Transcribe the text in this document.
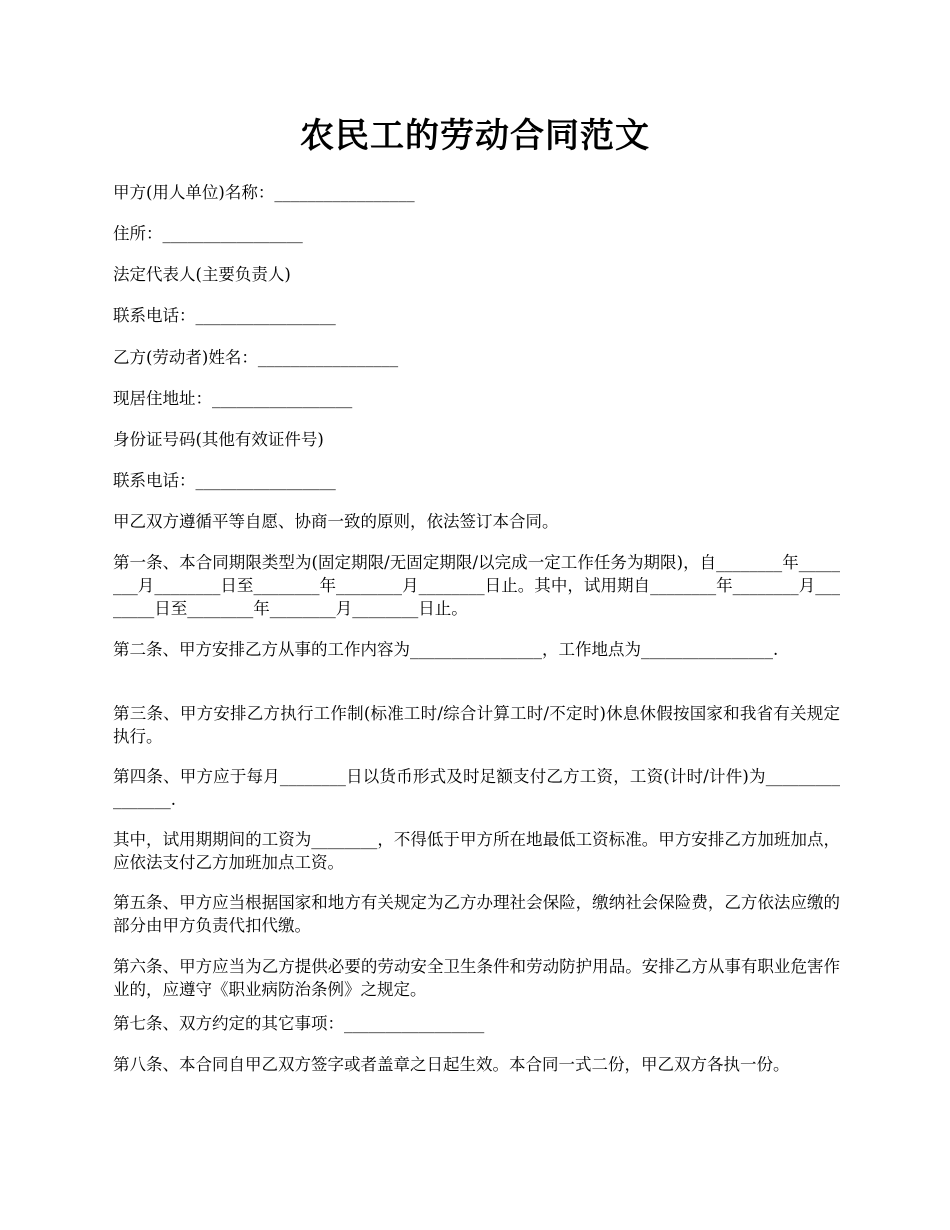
农民工的劳动合同范文

甲方(用人单位)名称：_________________

住所：_________________

法定代表人(主要负责人)

联系电话：_________________

乙方(劳动者)姓名：_________________

现居住地址：_________________

身份证号码(其他有效证件号)

联系电话：_________________

甲乙双方遵循平等自愿、协商一致的原则，依法签订本合同。

第一条、本合同期限类型为(固定期限/无固定期限/以完成一定工作任务为期限)，自________年________月________日至________年________月________日止。其中，试用期自________年________月________日至________年________月________日止。

第二条、甲方安排乙方从事的工作内容为________________，工作地点为________________.

第三条、甲方安排乙方执行工作制(标准工时/综合计算工时/不定时)休息休假按国家和我省有关规定执行。

第四条、甲方应于每月________日以货币形式及时足额支付乙方工资，工资(计时/计件)为________________.

其中，试用期期间的工资为________，不得低于甲方所在地最低工资标准。甲方安排乙方加班加点，应依法支付乙方加班加点工资。

第五条、甲方应当根据国家和地方有关规定为乙方办理社会保险，缴纳社会保险费，乙方依法应缴的部分由甲方负责代扣代缴。

第六条、甲方应当为乙方提供必要的劳动安全卫生条件和劳动防护用品。安排乙方从事有职业危害作业的，应遵守《职业病防治条例》之规定。

第七条、双方约定的其它事项：_________________

第八条、本合同自甲乙双方签字或者盖章之日起生效。本合同一式二份，甲乙双方各执一份。
